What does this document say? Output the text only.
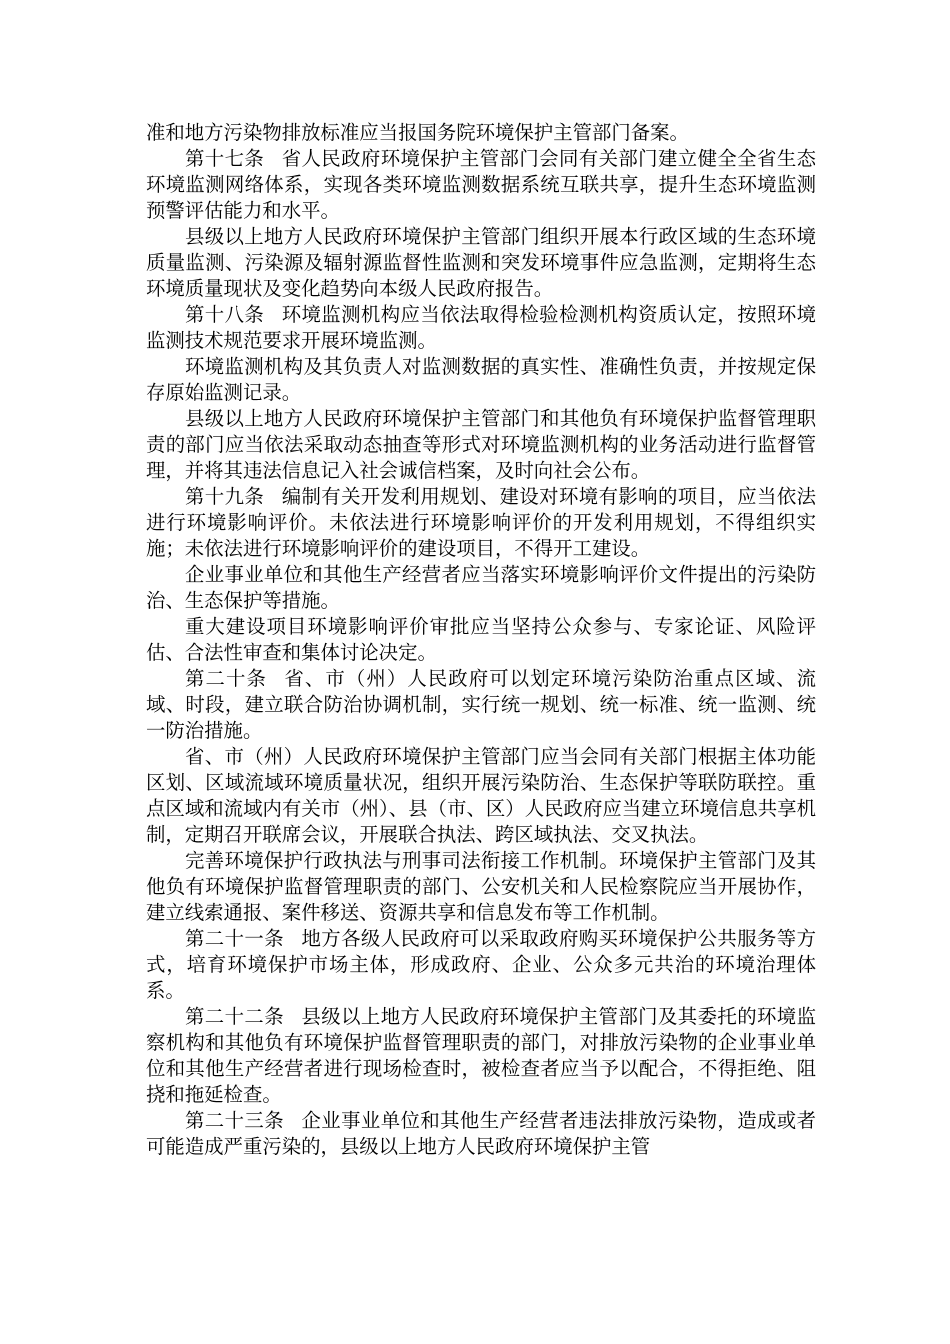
准和地方污染物排放标准应当报国务院环境保护主管部门备案。

第十七条 省人民政府环境保护主管部门会同有关部门建立健全全省生态环境监测网络体系，实现各类环境监测数据系统互联共享，提升生态环境监测预警评估能力和水平。

县级以上地方人民政府环境保护主管部门组织开展本行政区域的生态环境质量监测、污染源及辐射源监督性监测和突发环境事件应急监测，定期将生态环境质量现状及变化趋势向本级人民政府报告。

第十八条 环境监测机构应当依法取得检验检测机构资质认定，按照环境监测技术规范要求开展环境监测。

环境监测机构及其负责人对监测数据的真实性、准确性负责，并按规定保存原始监测记录。

县级以上地方人民政府环境保护主管部门和其他负有环境保护监督管理职责的部门应当依法采取动态抽查等形式对环境监测机构的业务活动进行监督管理，并将其违法信息记入社会诚信档案，及时向社会公布。

第十九条 编制有关开发利用规划、建设对环境有影响的项目，应当依法进行环境影响评价。未依法进行环境影响评价的开发利用规划，不得组织实施；未依法进行环境影响评价的建设项目，不得开工建设。

企业事业单位和其他生产经营者应当落实环境影响评价文件提出的污染防治、生态保护等措施。

重大建设项目环境影响评价审批应当坚持公众参与、专家论证、风险评估、合法性审查和集体讨论决定。

第二十条 省、市（州）人民政府可以划定环境污染防治重点区域、流域、时段，建立联合防治协调机制，实行统一规划、统一标准、统一监测、统一防治措施。

省、市（州）人民政府环境保护主管部门应当会同有关部门根据主体功能区划、区域流域环境质量状况，组织开展污染防治、生态保护等联防联控。重点区域和流域内有关市（州）、县（市、区）人民政府应当建立环境信息共享机制，定期召开联席会议，开展联合执法、跨区域执法、交叉执法。

完善环境保护行政执法与刑事司法衔接工作机制。环境保护主管部门及其他负有环境保护监督管理职责的部门、公安机关和人民检察院应当开展协作，建立线索通报、案件移送、资源共享和信息发布等工作机制。

第二十一条 地方各级人民政府可以采取政府购买环境保护公共服务等方式，培育环境保护市场主体，形成政府、企业、公众多元共治的环境治理体系。

第二十二条 县级以上地方人民政府环境保护主管部门及其委托的环境监察机构和其他负有环境保护监督管理职责的部门，对排放污染物的企业事业单位和其他生产经营者进行现场检查时，被检查者应当予以配合，不得拒绝、阻挠和拖延检查。

第二十三条 企业事业单位和其他生产经营者违法排放污染物，造成或者可能造成严重污染的，县级以上地方人民政府环境保护主管
